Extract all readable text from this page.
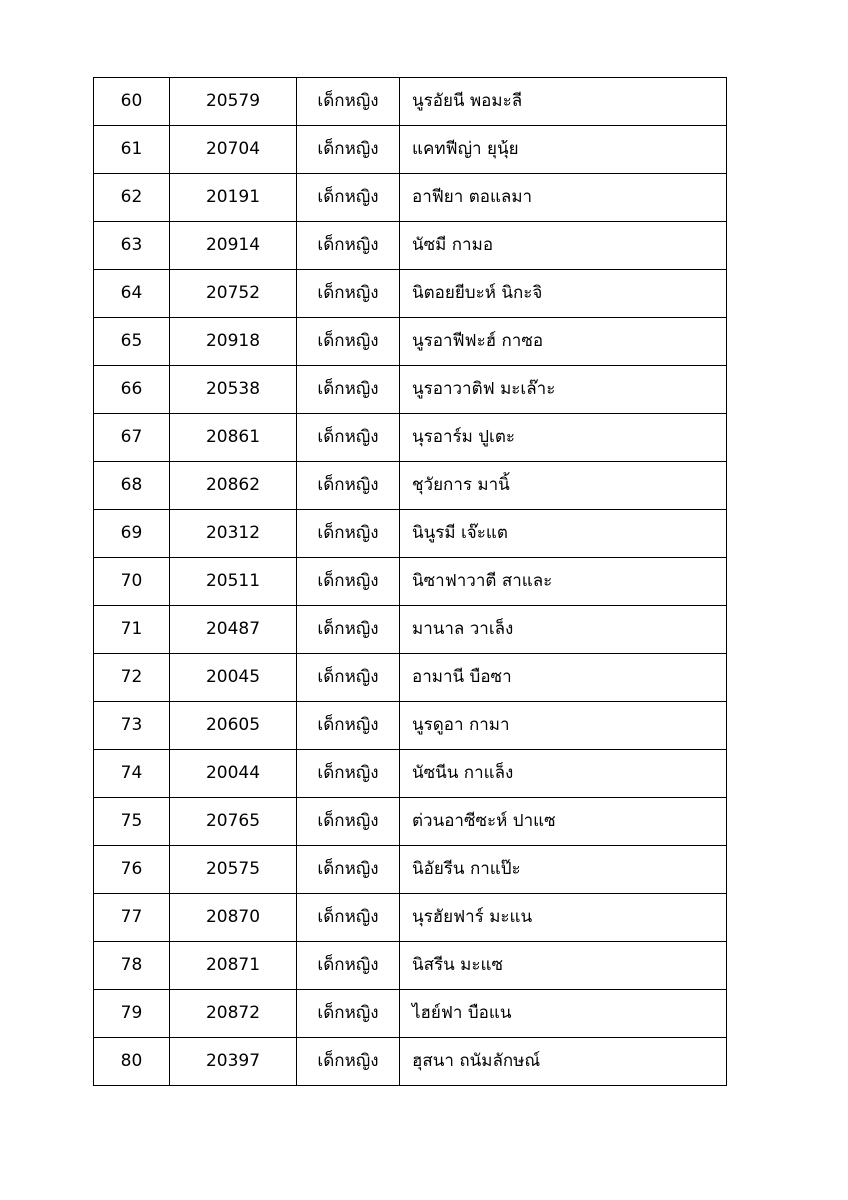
60	20579	เด็กหญิง	นูรอัยนี พอมะลี
61	20704	เด็กหญิง	แคทฟีญ่า ยุนุ้ย
62	20191	เด็กหญิง	อาฟียา ตอแลมา
63	20914	เด็กหญิง	นัซมี กามอ
64	20752	เด็กหญิง	นิตอยยีบะห์ นิกะจิ
65	20918	เด็กหญิง	นูรอาฟีฟะฮ์ กาซอ
66	20538	เด็กหญิง	นูรอาวาติฟ มะเล๊าะ
67	20861	เด็กหญิง	นุรอาร์ม ปูเตะ
68	20862	เด็กหญิง	ชุวัยการ มานิ้
69	20312	เด็กหญิง	นินูรมี เจ๊ะแต
70	20511	เด็กหญิง	นิซาฟาวาตี สาและ
71	20487	เด็กหญิง	มานาล วาเล็ง
72	20045	เด็กหญิง	อามานี บือซา
73	20605	เด็กหญิง	นูรดูอา กามา
74	20044	เด็กหญิง	นัซนีน กาแล็ง
75	20765	เด็กหญิง	ต่วนอาซีซะห์ ปาแซ
76	20575	เด็กหญิง	นิอัยรีน กาแป๊ะ
77	20870	เด็กหญิง	นุรฮัยฟาร์ มะแน
78	20871	เด็กหญิง	นิสรีน มะแซ
79	20872	เด็กหญิง	ไฮย์ฟา บือแน
80	20397	เด็กหญิง	ฮุสนา ถนัมลักษณ์
